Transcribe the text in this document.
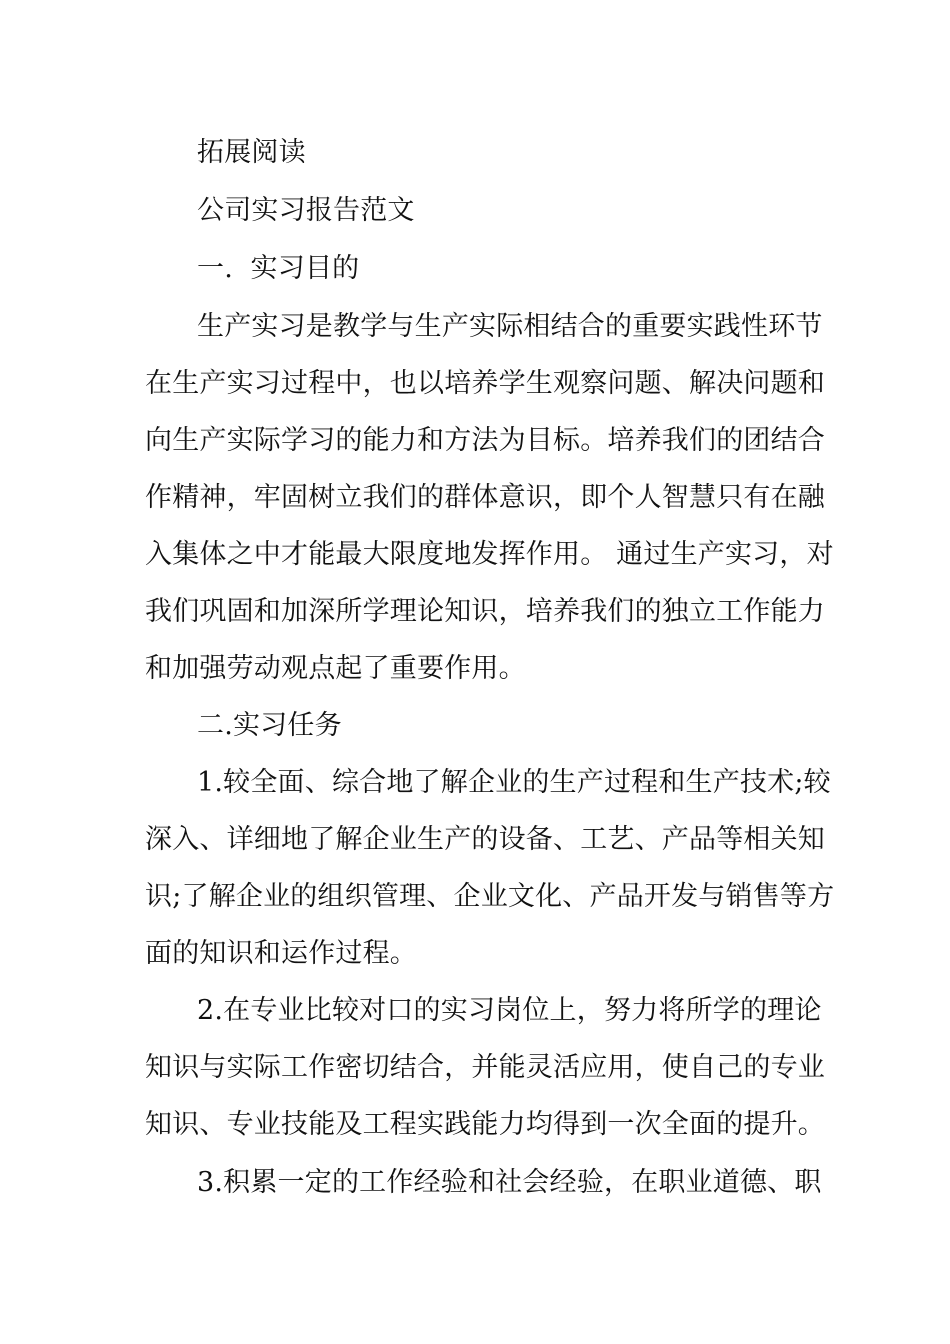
拓展阅读
公司实习报告范文
一.  实习目的
生产实习是教学与生产实际相结合的重要实践性环节
在生产实习过程中，也以培养学生观察问题、解决问题和
向生产实际学习的能力和方法为目标。培养我们的团结合
作精神，牢固树立我们的群体意识，即个人智慧只有在融
入集体之中才能最大限度地发挥作用。 通过生产实习，对
我们巩固和加深所学理论知识，培养我们的独立工作能力
和加强劳动观点起了重要作用。
二.实习任务
1.较全面、综合地了解企业的生产过程和生产技术;较
深入、详细地了解企业生产的设备、工艺、产品等相关知
识;了解企业的组织管理、企业文化、产品开发与销售等方
面的知识和运作过程。
2.在专业比较对口的实习岗位上，努力将所学的理论
知识与实际工作密切结合，并能灵活应用，使自己的专业
知识、专业技能及工程实践能力均得到一次全面的提升。
3.积累一定的工作经验和社会经验，在职业道德、职
